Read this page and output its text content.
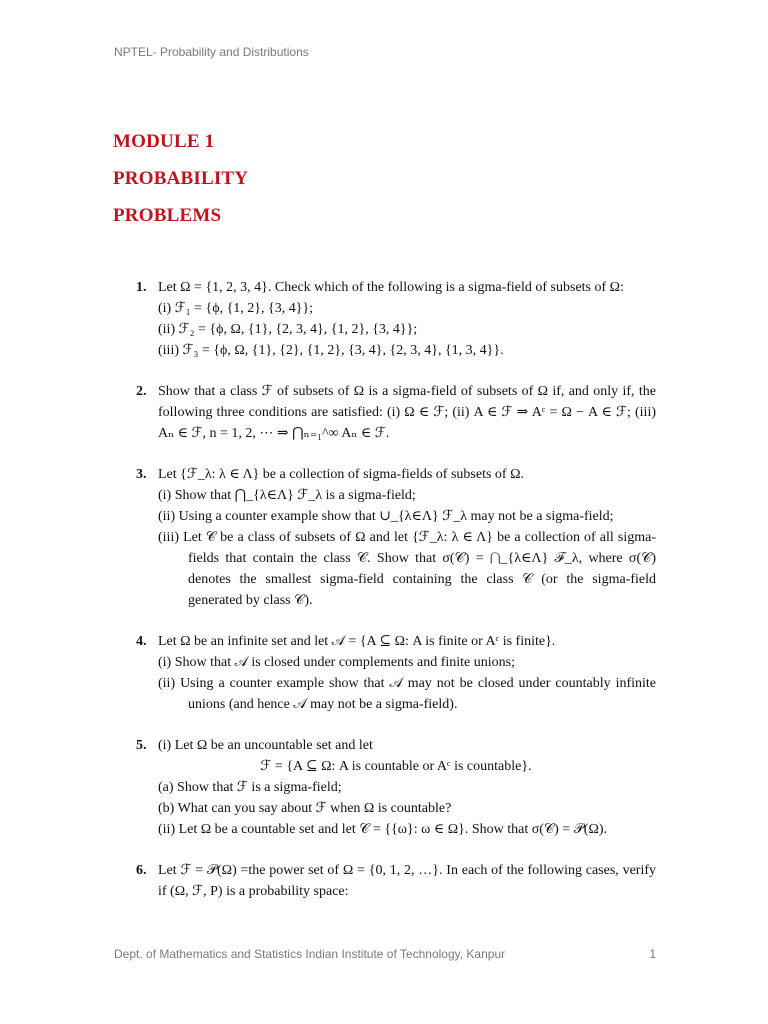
NPTEL- Probability and Distributions
MODULE 1
PROBABILITY
PROBLEMS
1. Let Ω = {1, 2, 3, 4}. Check which of the following is a sigma-field of subsets of Ω:
(i) ℱ₁ = {ϕ, {1, 2}, {3, 4}};
(ii) ℱ₂ = {ϕ, Ω, {1}, {2, 3, 4}, {1, 2}, {3, 4}};
(iii) ℱ₃ = {ϕ, Ω, {1}, {2}, {1, 2}, {3, 4}, {2, 3, 4}, {1, 3, 4}}.
2. Show that a class ℱ of subsets of Ω is a sigma-field of subsets of Ω if, and only if, the following three conditions are satisfied: (i) Ω ∈ ℱ; (ii) A ∈ ℱ ⇒ Aᶜ = Ω − A ∈ ℱ; (iii) Aₙ ∈ ℱ, n = 1, 2, ⋯ ⇒ ⋂ₙ₌₁^∞ Aₙ ∈ ℱ.
3. Let {ℱ_λ: λ ∈ Λ} be a collection of sigma-fields of subsets of Ω.
(i) Show that ⋂_{λ∈Λ} ℱ_λ is a sigma-field;
(ii) Using a counter example show that ∪_{λ∈Λ} ℱ_λ may not be a sigma-field;
(iii) Let 𝒞 be a class of subsets of Ω and let {ℱ_λ: λ ∈ Λ} be a collection of all sigma-fields that contain the class 𝒞. Show that σ(𝒞) = ⋂_{λ∈Λ} ℱ_λ, where σ(𝒞) denotes the smallest sigma-field containing the class 𝒞 (or the sigma-field generated by class 𝒞).
4. Let Ω be an infinite set and let 𝒜 = {A ⊆ Ω: A is finite or Aᶜ is finite}.
(i) Show that 𝒜 is closed under complements and finite unions;
(ii) Using a counter example show that 𝒜 may not be closed under countably infinite unions (and hence 𝒜 may not be a sigma-field).
5. (i) Let Ω be an uncountable set and let
ℱ = {A ⊆ Ω: A is countable or Aᶜ is countable}.
(a) Show that ℱ is a sigma-field;
(b) What can you say about ℱ when Ω is countable?
(ii) Let Ω be a countable set and let 𝒞 = {{ω}: ω ∈ Ω}. Show that σ(𝒞) = 𝒫(Ω).
6. Let ℱ = 𝒫(Ω) =the power set of Ω = {0, 1, 2, …}. In each of the following cases, verify if (Ω, ℱ, P) is a probability space:
Dept. of Mathematics and Statistics Indian Institute of Technology, Kanpur	1
